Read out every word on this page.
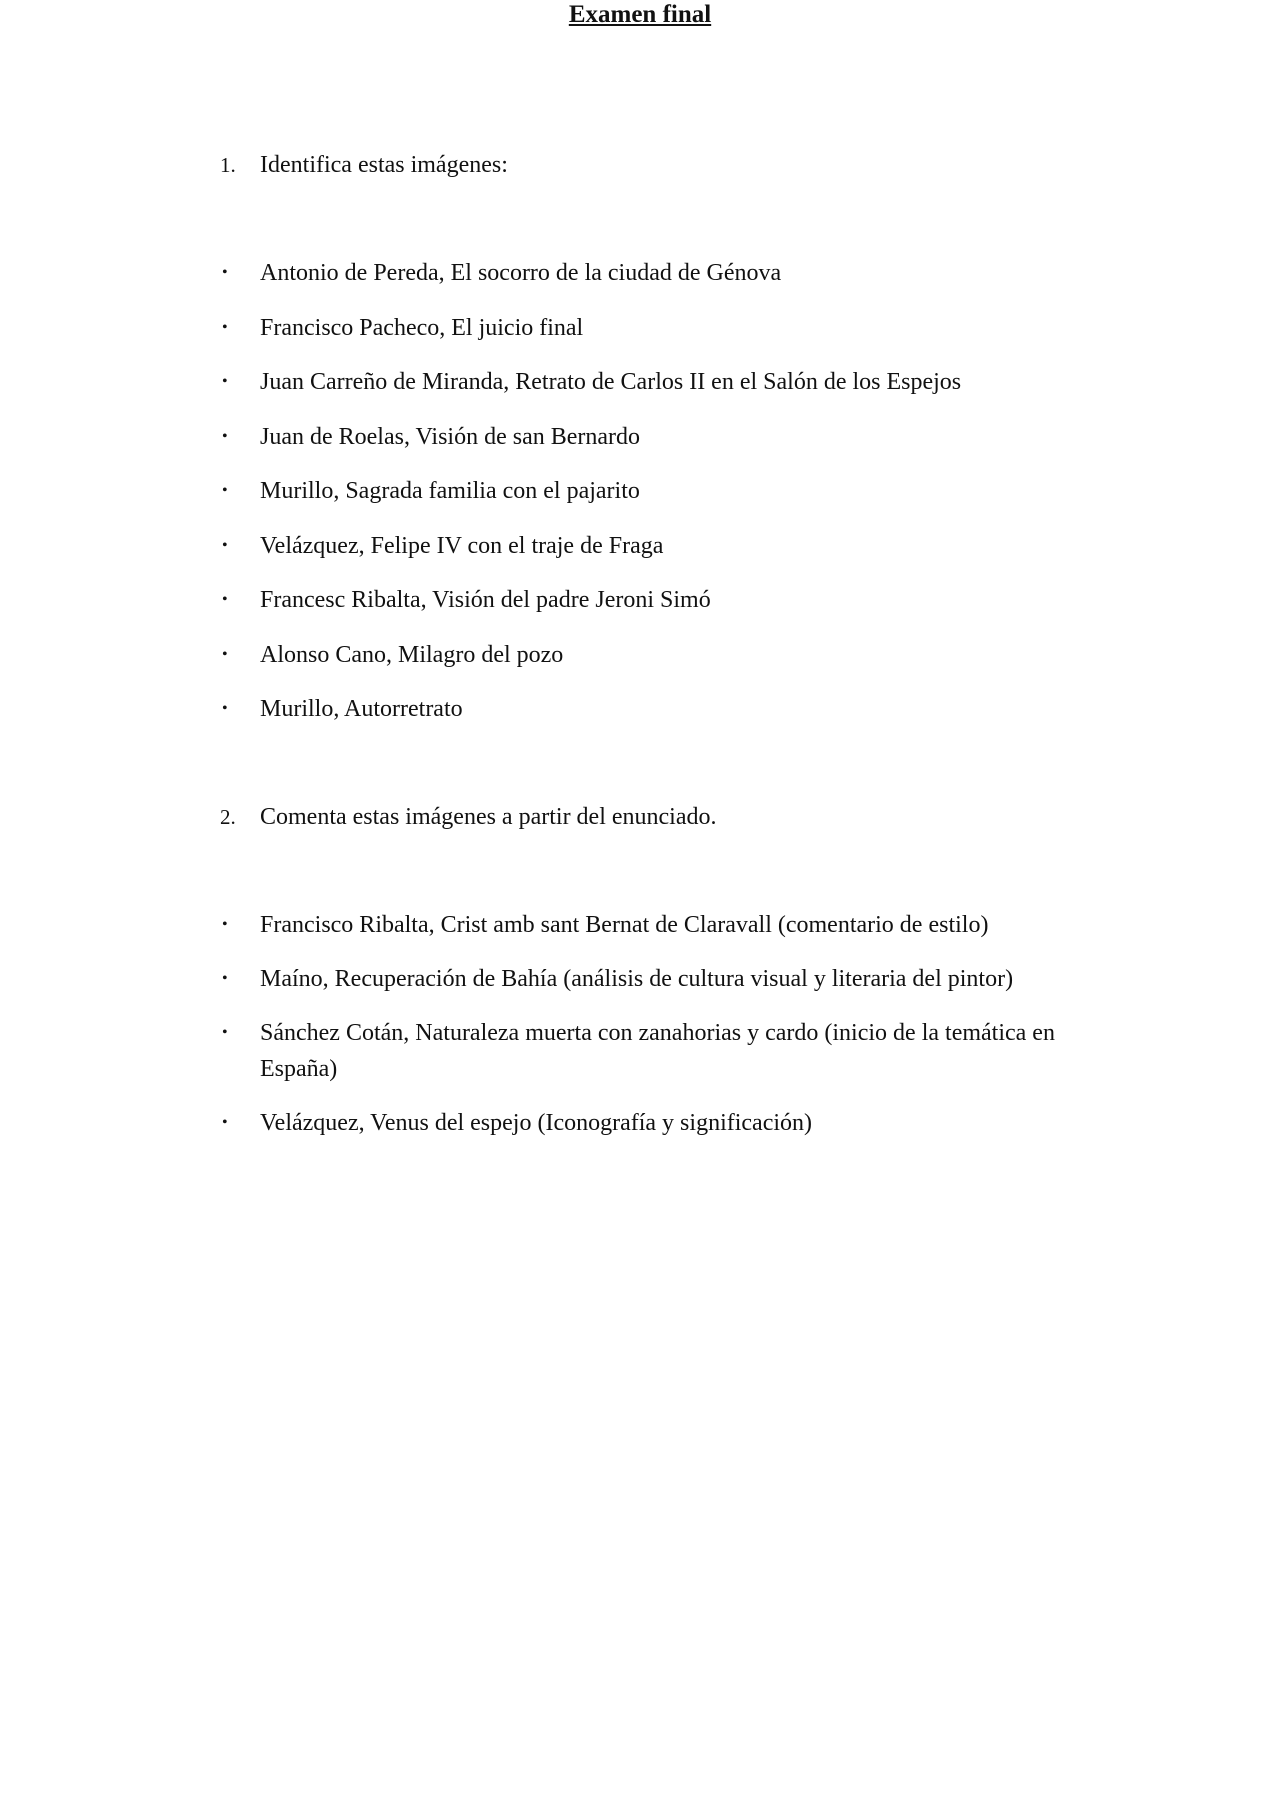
Examen final
1.	Identifica estas imágenes:
• Antonio de Pereda, El socorro de la ciudad de Génova
• Francisco Pacheco, El juicio final
• Juan Carreño de Miranda, Retrato de Carlos II en el Salón de los Espejos
• Juan de Roelas, Visión de san Bernardo
• Murillo, Sagrada familia con el pajarito
• Velázquez, Felipe IV con el traje de Fraga
• Francesc Ribalta, Visión del padre Jeroni Simó
• Alonso Cano, Milagro del pozo
• Murillo, Autorretrato
2.	Comenta estas imágenes a partir del enunciado.
• Francisco Ribalta, Crist amb sant Bernat de Claravall (comentario de estilo)
• Maíno, Recuperación de Bahía (análisis de cultura visual y literaria del pintor)
• Sánchez Cotán, Naturaleza muerta con zanahorias y cardo (inicio de la temática en España)
• Velázquez, Venus del espejo (Iconografía y significación)
